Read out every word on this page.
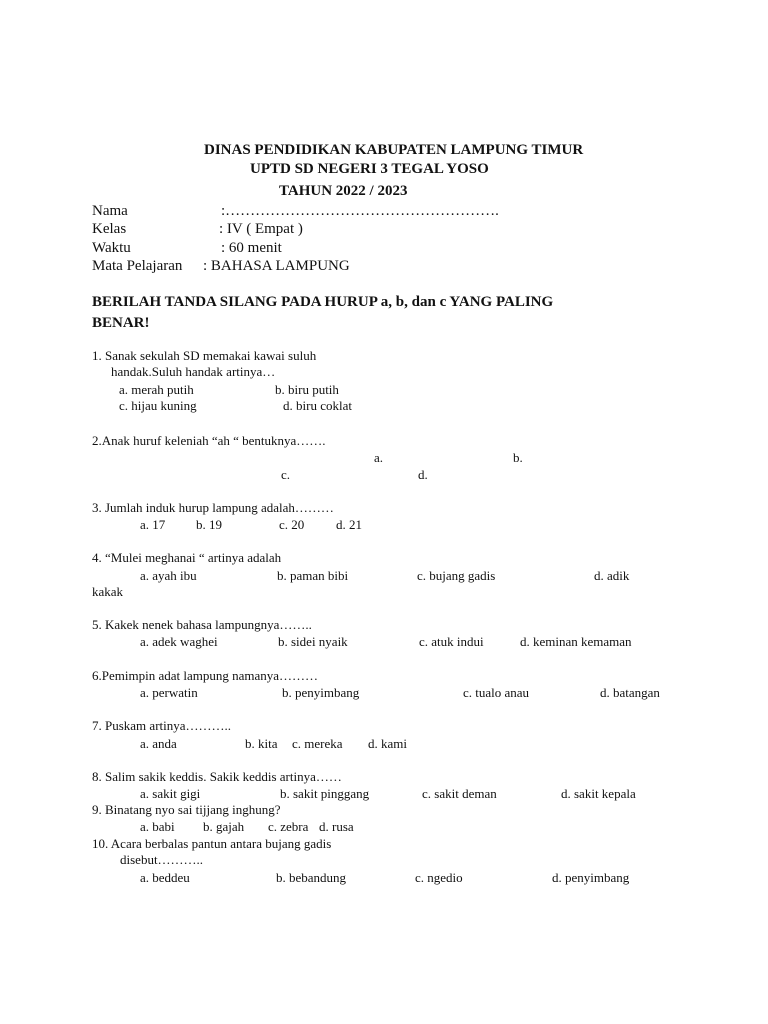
DINAS PENDIDIKAN KABUPATEN LAMPUNG TIMUR
UPTD SD NEGERI 3 TEGAL YOSO
TAHUN 2022 / 2023
Nama	:……………………………………………….
Kelas	: IV ( Empat )
Waktu	: 60 menit
Mata Pelajaran : BAHASA LAMPUNG
BERILAH TANDA SILANG PADA HURUP a, b, dan c YANG PALING
BENAR!
1. Sanak sekulah SD memakai kawai suluh
handak.Suluh handak artinya…
a. merah putih	b. biru putih
c. hijau kuning	d. biru coklat
2.Anak huruf keleniah “ah “ bentuknya…….
a.	b.
c.	d.
3. Jumlah induk hurup lampung adalah………
a. 17 b. 19	c. 20 d. 21
4. “Mulei meghanai “ artinya adalah
a. ayah ibu	b. paman bibi	c. bujang gadis	d. adik
kakak
5. Kakek nenek bahasa lampungnya……..
a. adek waghei	b. sidei nyaik	c. atuk indui	d. keminan kemaman
6.Pemimpin adat lampung namanya………
a. perwatin	b. penyimbang	c. tualo anau	d. batangan
7. Puskam artinya………..
a. anda	b. kita c. mereka d. kami
8. Salim sakik keddis. Sakik keddis artinya……
a. sakit gigi	b. sakit pinggang	c. sakit deman	d. sakit kepala
9. Binatang nyo sai tijjang inghung?
a. babi b. gajah c. zebra d. rusa
10. Acara berbalas pantun antara bujang gadis
disebut………..
a. beddeu	b. bebandung	c. ngedio	d. penyimbang
